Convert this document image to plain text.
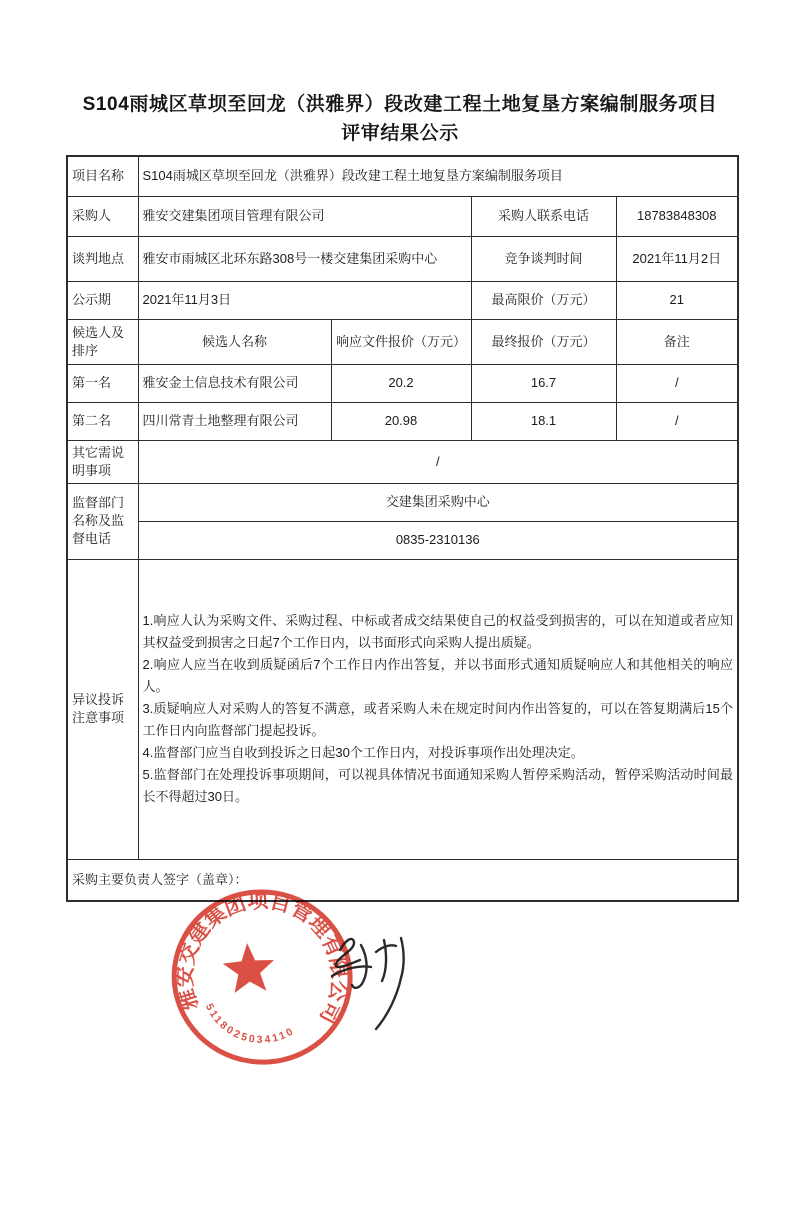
S104雨城区草坝至回龙（洪雅界）段改建工程土地复垦方案编制服务项目
评审结果公示
项目名称	S104雨城区草坝至回龙（洪雅界）段改建工程土地复垦方案编制服务项目			
采购人	雅安交建集团项目管理有限公司		采购人联系电话	18783848308
谈判地点	雅安市雨城区北环东路308号一楼交建集团采购中心		竞争谈判时间	2021年11月2日
公示期	2021年11月3日		最高限价（万元）	21
候选人及排序	候选人名称	响应文件报价（万元）	最终报价（万元）	备注
第一名	雅安金土信息技术有限公司	20.2	16.7	/
第二名	四川常青土地整理有限公司	20.98	18.1	/
其它需说明事项	/			
监督部门名称及监督电话	交建集团采购中心			
	0835-2310136			
异议投诉注意事项	1.响应人认为采购文件、采购过程、中标或者成交结果使自己的权益受到损害的，可以在知道或者应知其权益受到损害之日起7个工作日内，以书面形式向采购人提出质疑。

2.响应人应当在收到质疑函后7个工作日内作出答复，并以书面形式通知质疑响应人和其他相关的响应人。

3.质疑响应人对采购人的答复不满意，或者采购人未在规定时间内作出答复的，可以在答复期满后15个工作日内向监督部门提起投诉。

4.监督部门应当自收到投诉之日起30个工作日内，对投诉事项作出处理决定。

5.监督部门在处理投诉事项期间，可以视具体情况书面通知采购人暂停采购活动，暂停采购活动时间最长不得超过30日。			

采购主要负责人签字（盖章）：				
雅安交建集团项目管理有限公司
5118025034110
